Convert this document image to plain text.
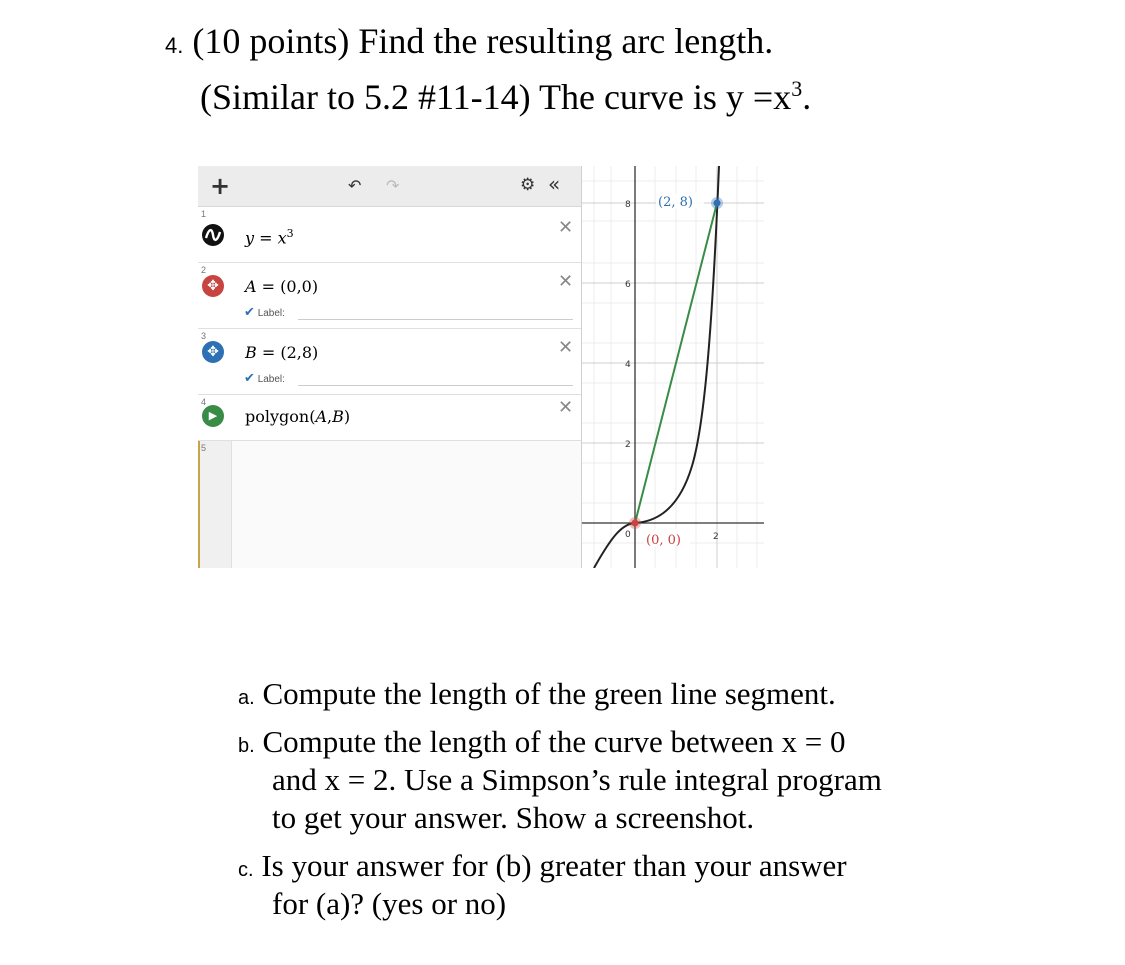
4. (10 points) Find the resulting arc length.
(Similar to 5.2 #11-14) The curve is $y =x^3$.
+	↶ ↷	⚙ «
1
$y = x^3$	✕
2
✥	A = (0,0)
✔ Label:
✕
3
✥	B = (2,8)
✔ Label:
✕
4
▶	polygon(A,B)	✕
5
8
6
4
2
0	2
(2, 8)
(0, 0)
a. Compute the length of the green line segment.
b. Compute the length of the curve between x = 0
and x = 2. Use a Simpson’s rule integral program
to get your answer. Show a screenshot.
c. Is your answer for (b) greater than your answer
for (a)? (yes or no)
